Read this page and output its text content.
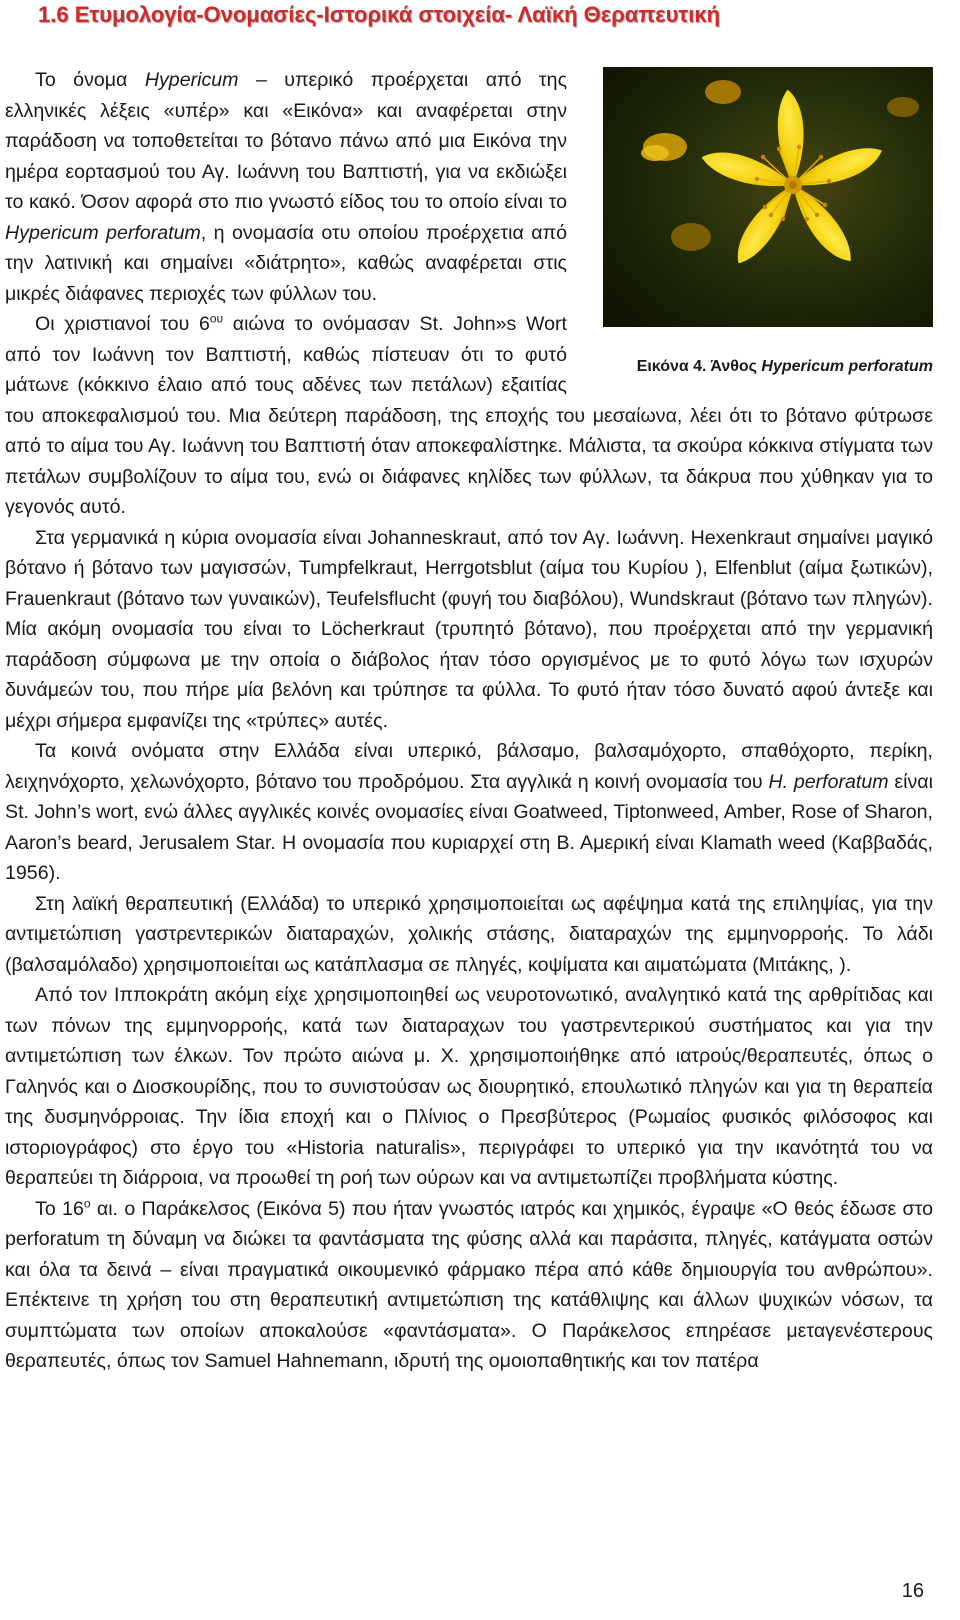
1.6 Ετυμολογία-Ονομασίες-Ιστορικά στοιχεία- Λαϊκή Θεραπευτική
Εικόνα 4. Άνθος Hypericum perforatum

Το όνομα Hypericum – υπερικό προέρχεται από της ελληνικές λέξεις «υπέρ» και «Εικόνα» και αναφέρεται στην παράδοση να τοποθετείται το βότανο πάνω από μια Εικόνα την ημέρα εορτασμού του Αγ. Ιωάννη του Βαπτιστή, για να εκδιώξει το κακό. Όσον αφορά στο πιο γνωστό είδος του το οποίο είναι το Hypericum perforatum, η ονομασία οτυ οποίου προέρχετια από την λατινική και σημαίνει «διάτρητο», καθώς αναφέρεται στις μικρές διάφανες περιοχές των φύλλων του.

Οι χριστιανοί του $6^{o\upsilon}$ αιώνα το ονόμασαν St. John»s Wort από τον Ιωάννη τον Βαπτιστή, καθώς πίστευαν ότι το φυτό μάτωνε (κόκκινο έλαιο από τους αδένες των πετάλων) εξαιτίας του αποκεφαλισμού του. Μια δεύτερη παράδοση, της εποχής του μεσαίωνα, λέει ότι το βότανο φύτρωσε από το αίμα του Αγ. Ιωάννη του Βαπτιστή όταν αποκεφαλίστηκε. Μάλιστα, τα σκούρα κόκκινα στίγματα των πετάλων συμβολίζουν το αίμα του, ενώ οι διάφανες κηλίδες των φύλλων, τα δάκρυα που χύθηκαν για το γεγονός αυτό.

Στα γερμανικά η κύρια ονομασία είναι Johanneskraut, από τον Αγ. Ιωάννη. Hexenkraut σημαίνει μαγικό βότανο ή βότανο των μαγισσών, Tumpfelkraut, Herrgotsblut (αίμα του Κυρίου ), Elfenblut (αίμα ξωτικών), Frauenkraut (βότανο των γυναικών), Teufelsflucht (φυγή του διαβόλου), Wundskraut (βότανο των πληγών). Μία ακόμη ονομασία του είναι το Löcherkraut (τρυπητό βότανο), που προέρχεται από την γερμανική παράδοση σύμφωνα με την οποία ο διάβολος ήταν τόσο οργισμένος με το φυτό λόγω των ισχυρών δυνάμεών του, που πήρε μία βελόνη και τρύπησε τα φύλλα. Το φυτό ήταν τόσο δυνατό αφού άντεξε και μέχρι σήμερα εμφανίζει της «τρύπες» αυτές.

Τα κοινά ονόματα στην Ελλάδα είναι υπερικό, βάλσαμο, βαλσαμόχορτο, σπαθόχορτο, περίκη, λειχηνόχορτο, χελωνόχορτο, βότανο του προδρόμου. Στα αγγλικά η κοινή ονομασία του H. perforatum είναι St. John’s wort, ενώ άλλες αγγλικές κοινές ονομασίες είναι Goatweed, Tiptonweed, Amber, Rose of Sharon, Aaron’s beard, Jerusalem Star. Η ονομασία που κυριαρχεί στη Β. Αμερική είναι Klamath weed (Καββαδάς, 1956).

Στη λαϊκή θεραπευτική (Ελλάδα) το υπερικό χρησιμοποιείται ως αφέψημα κατά της επιληψίας, για την αντιμετώπιση γαστρεντερικών διαταραχών, χολικής στάσης, διαταραχών της εμμηνορροής. Το λάδι (βαλσαμόλαδο) χρησιμοποιείται ως κατάπλασμα σε πληγές, κοψίματα και αιματώματα (Μιτάκης, ).

Από τον Ιπποκράτη ακόμη είχε χρησιμοποιηθεί ως νευροτονωτικό, αναλγητικό κατά της αρθρίτιδας και των πόνων της εμμηνορροής, κατά των διαταραχων του γαστρεντερικού συστήματος και για την αντιμετώπιση των έλκων. Τον πρώτο αιώνα μ. Χ. χρησιμοποιήθηκε από ιατρούς/θεραπευτές, όπως ο Γαληνός και ο Διοσκουρίδης, που το συνιστούσαν ως διουρητικό, επουλωτικό πληγών και για τη θεραπεία της δυσμηνόρροιας. Την ίδια εποχή και ο Πλίνιος ο Πρεσβύτερος (Ρωμαίος φυσικός φιλόσοφος και ιστοριογράφος) στο έργο του «Historia naturalis», περιγράφει το υπερικό για την ικανότητά του να θεραπεύει τη διάρροια, να προωθεί τη ροή των ούρων και να αντιμετωπίζει προβλήματα κύστης.

Το $16^o$ αι. ο Παράκελσος (Εικόνα 5) που ήταν γνωστός ιατρός και χημικός, έγραψε «Ο θεός έδωσε στο perforatum τη δύναμη να διώκει τα φαντάσματα της φύσης αλλά και παράσιτα, πληγές, κατάγματα οστών και όλα τα δεινά – είναι πραγματικά οικουμενικό φάρμακο πέρα από κάθε δημιουργία του ανθρώπου». Επέκτεινε τη χρήση του στη θεραπευτική αντιμετώπιση της κατάθλιψης και άλλων ψυχικών νόσων, τα συμπτώματα των οποίων αποκαλούσε «φαντάσματα». Ο Παράκελσος επηρέασε μεταγενέστερους θεραπευτές, όπως τον Samuel Hahnemann, ιδρυτή της ομοιοπαθητικής και τον πατέρα

16
